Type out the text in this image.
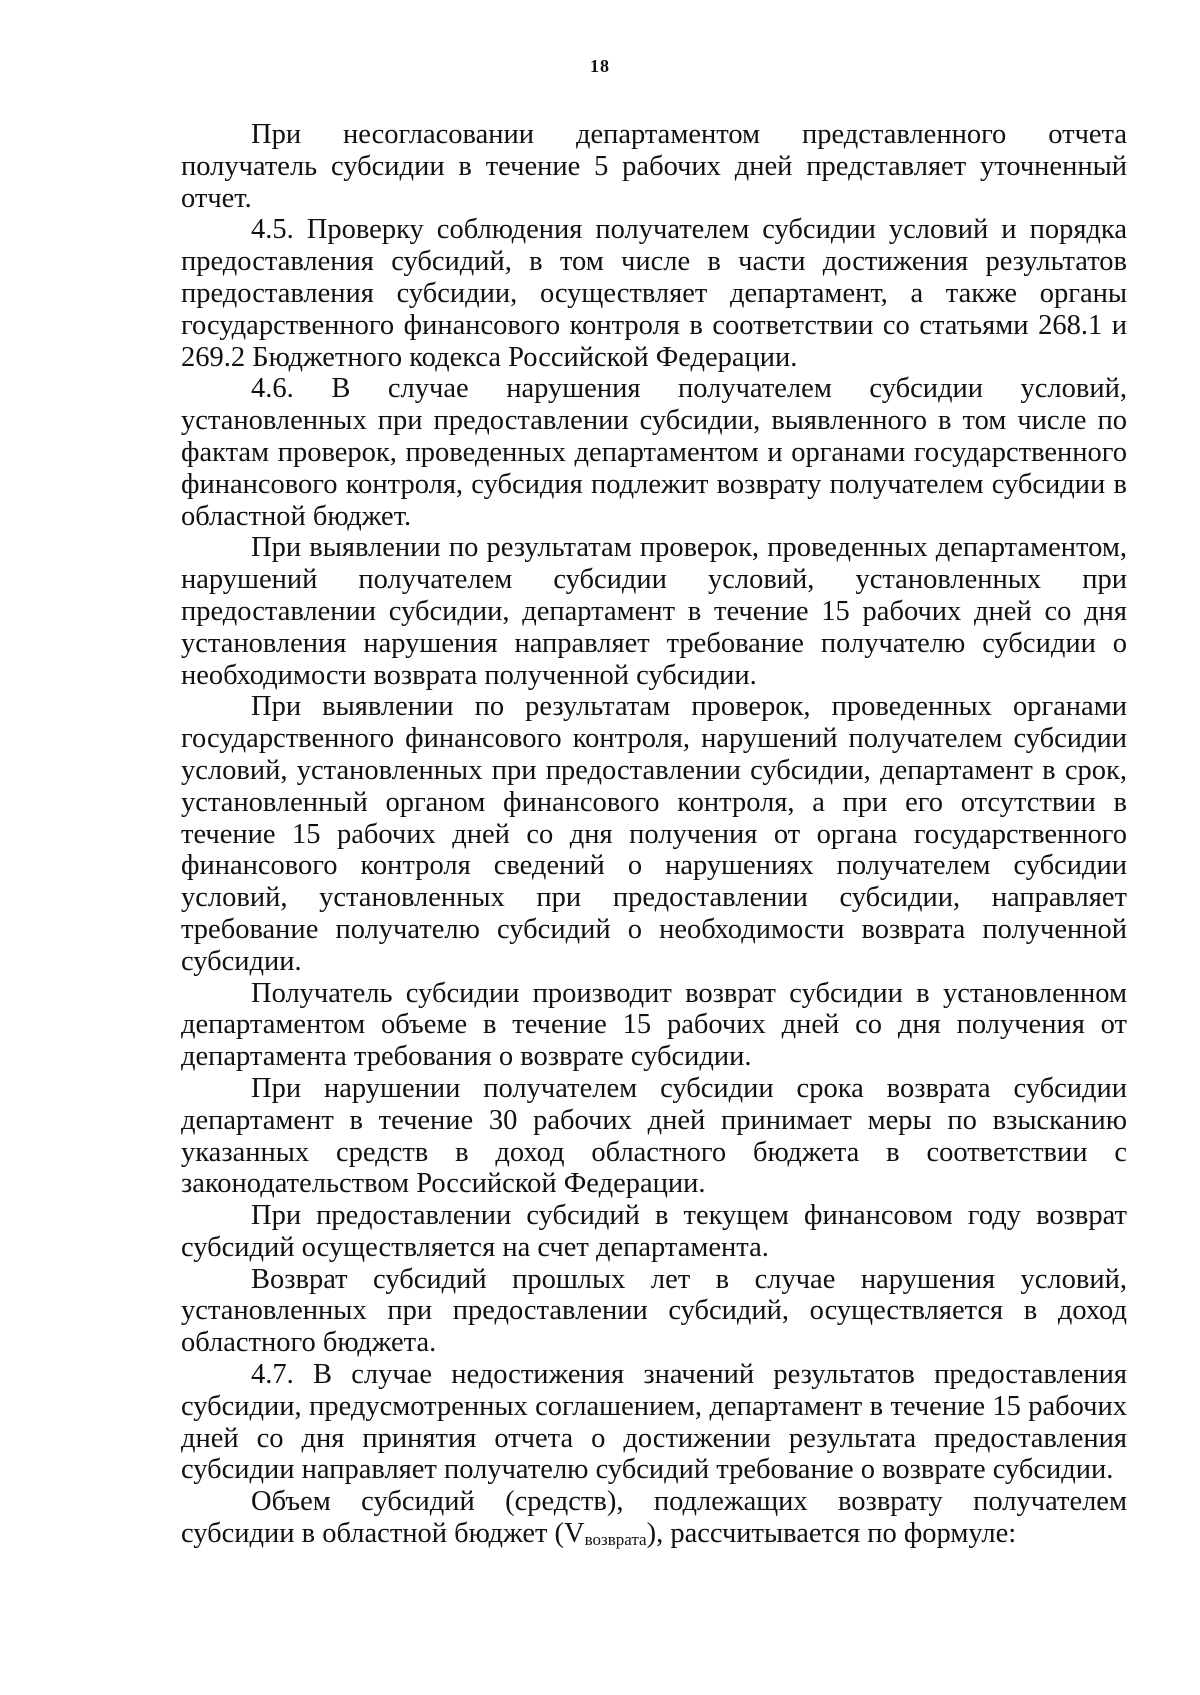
18

При несогласовании департаментом представленного отчета получатель субсидии в течение 5 рабочих дней представляет уточненный отчет.

4.5. Проверку соблюдения получателем субсидии условий и порядка предоставления субсидий, в том числе в части достижения результатов предоставления субсидии, осуществляет департамент, а также органы государственного финансового контроля в соответствии со статьями 268.1 и 269.2 Бюджетного кодекса Российской Федерации.

4.6. В случае нарушения получателем субсидии условий, установленных при предоставлении субсидии, выявленного в том числе по фактам проверок, проведенных департаментом и органами государственного финансового контроля, субсидия подлежит возврату получателем субсидии в областной бюджет.

При выявлении по результатам проверок, проведенных департаментом, нарушений получателем субсидии условий, установленных при предоставлении субсидии, департамент в течение 15 рабочих дней со дня установления нарушения направляет требование получателю субсидии о необходимости возврата полученной субсидии.

При выявлении по результатам проверок, проведенных органами государственного финансового контроля, нарушений получателем субсидии условий, установленных при предоставлении субсидии, департамент в срок, установленный органом финансового контроля, а при его отсутствии в течение 15 рабочих дней со дня получения от органа государственного финансового контроля сведений о нарушениях получателем субсидии условий, установленных при предоставлении субсидии, направляет требование получателю субсидий о необходимости возврата полученной субсидии.

Получатель субсидии производит возврат субсидии в установленном департаментом объеме в течение 15 рабочих дней со дня получения от департамента требования о возврате субсидии.

При нарушении получателем субсидии срока возврата субсидии департамент в течение 30 рабочих дней принимает меры по взысканию указанных средств в доход областного бюджета в соответствии с законодательством Российской Федерации.

При предоставлении субсидий в текущем финансовом году возврат субсидий осуществляется на счет департамента.

Возврат субсидий прошлых лет в случае нарушения условий, установленных при предоставлении субсидий, осуществляется в доход областного бюджета.

4.7. В случае недостижения значений результатов предоставления субсидии, предусмотренных соглашением, департамент в течение 15 рабочих дней со дня принятия отчета о достижении результата предоставления субсидии направляет получателю субсидий требование о возврате субсидии.

Объем субсидий (средств), подлежащих возврату получателем субсидии в областной бюджет $(V_{возврата})$, рассчитывается по формуле:
